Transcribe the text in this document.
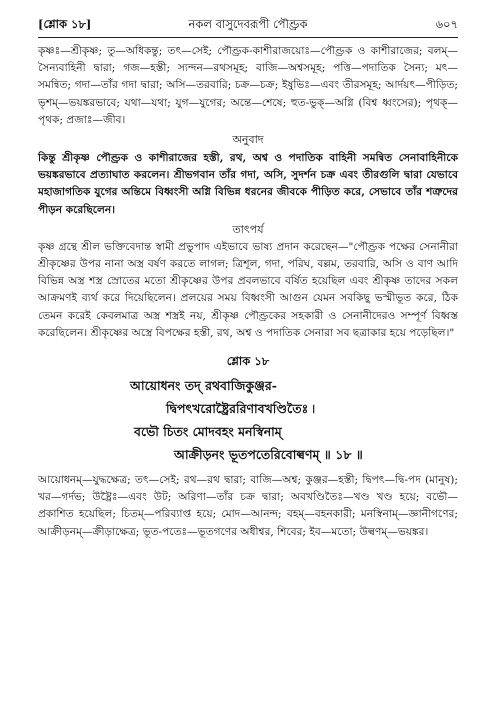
[শ্লোক ১৮]	নকল বাসুদেবরূপী পৌণ্ড্রক	৬০৭

কৃষ্ণঃ—শ্রীকৃষ্ণ; তু—অধিকন্তু; তৎ—সেই; পৌণ্ড্রক-কাশীরাজয়োঃ—পৌণ্ড্রক ও কাশীরাজের; বলম্—সৈন্যবাহিনী দ্বারা; গজ—হস্তী; স্যন্দন—রথসমূহ; বাজি—অশ্বসমূহ; পত্তি—পদাতিক সৈন্য; মৎ—সমন্বিত; গদা—তাঁর গদা দ্বারা; অসি—তরবারি; চক্র—চক্র; ইষুভিঃ—এবং তীরসমূহ; আর্দয়ৎ—পীড়িত; ভৃশম্—ভয়ঙ্করভাবে; যথা—যথা; যুগ—যুগের; অন্তে—শেষে; হুত-ভুক্—অগ্নি (বিশ্ব ধ্বংসের); পৃথক্—পৃথক; প্রজাঃ—জীব।

অনুবাদ

কিন্তু শ্রীকৃষ্ণ পৌণ্ড্রক ও কাশীরাজের হস্তী, রথ, অশ্ব ও পদাতিক বাহিনী সমন্বিত সেনাবাহিনীকে ভয়ঙ্করভাবে প্রত্যাঘাত করলেন। শ্রীভগবান তাঁর গদা, অসি, সুদর্শন চক্র এবং তীরগুলি দ্বারা যেভাবে মহাজাগতিক যুগের অন্তিমে বিধ্বংসী অগ্নি বিভিন্ন ধরনের জীবকে পীড়িত করে, সেভাবে তাঁর শত্রুদের পীড়ন করেছিলেন।

তাৎপর্য

কৃষ্ণ গ্রন্থে শ্রীল ভক্তিবেদান্ত স্বামী প্রভুপাদ এইভাবে ভাষ্য প্রদান করেছেন—"পৌণ্ড্রক পক্ষের সেনানীরা শ্রীকৃষ্ণের উপর নানা অস্ত্র বর্ষণ করতে লাগল; ত্রিশূল, গদা, পরিঘ, বল্লম, তরবারি, অসি ও বাণ আদি বিভিন্ন অস্ত্র শস্ত্র স্রোতের মতো শ্রীকৃষ্ণের উপর প্রবলভাবে বর্ষিত হয়েছিল এবং শ্রীকৃষ্ণ তাদের সকল আক্রমণই ব্যর্থ করে দিয়েছিলেন। প্রলয়ের সময় বিধ্বংসী আগুন যেমন সবকিছু ভস্মীভূত করে, ঠিক তেমন করেই কেবলমাত্র অস্ত্র শস্ত্রই নয়, শ্রীকৃষ্ণ পৌণ্ড্রকের সহকারী ও সেনানীদেরও সম্পূর্ণ বিধ্বস্ত করেছিলেন। শ্রীকৃষ্ণের অস্ত্রে বিপক্ষের হস্তী, রথ, অশ্ব ও পদাতিক সেনারা সব ছত্রাকার হয়ে পড়েছিল।"

শ্লোক ১৮
আয়োধনং তদ্ রথবাজিকুঞ্জর-
দ্বিপৎখরোষ্ট্রৈররিণাবখণ্ডিতৈঃ ৷
বভৌ চিতং মোদবহং মনস্বিনাম্
আক্রীড়নং ভূতপতেরিবোল্বণম্ ॥ ১৮ ॥

আয়োধনম্—যুদ্ধক্ষেত্র; তৎ—সেই; রথ—রথ দ্বারা; বাজি—অশ্ব; কুঞ্জর—হস্তী; দ্বিপৎ—দ্বি-পদ (মানুষ); খর—গর্দভ; উষ্ট্রৈঃ—এবং উট; অরিণা—তাঁর চক্র দ্বারা; অবখণ্ডিতৈঃ—খণ্ড খণ্ড হয়ে; বভৌ—প্রকাশিত হয়েছিল; চিতম্—পরিব্যাপ্ত হয়ে; মোদ—আনন্দ; বহম্—বহনকারী; মনস্বিনাম্—জ্ঞানীগণের; আক্রীড়নম্—ক্রীড়াক্ষেত্র; ভূত-পতেঃ—ভূতগণের অধীশ্বর, শিবের; ইব—মতো; উল্বণম্—ভয়ঙ্কর।
